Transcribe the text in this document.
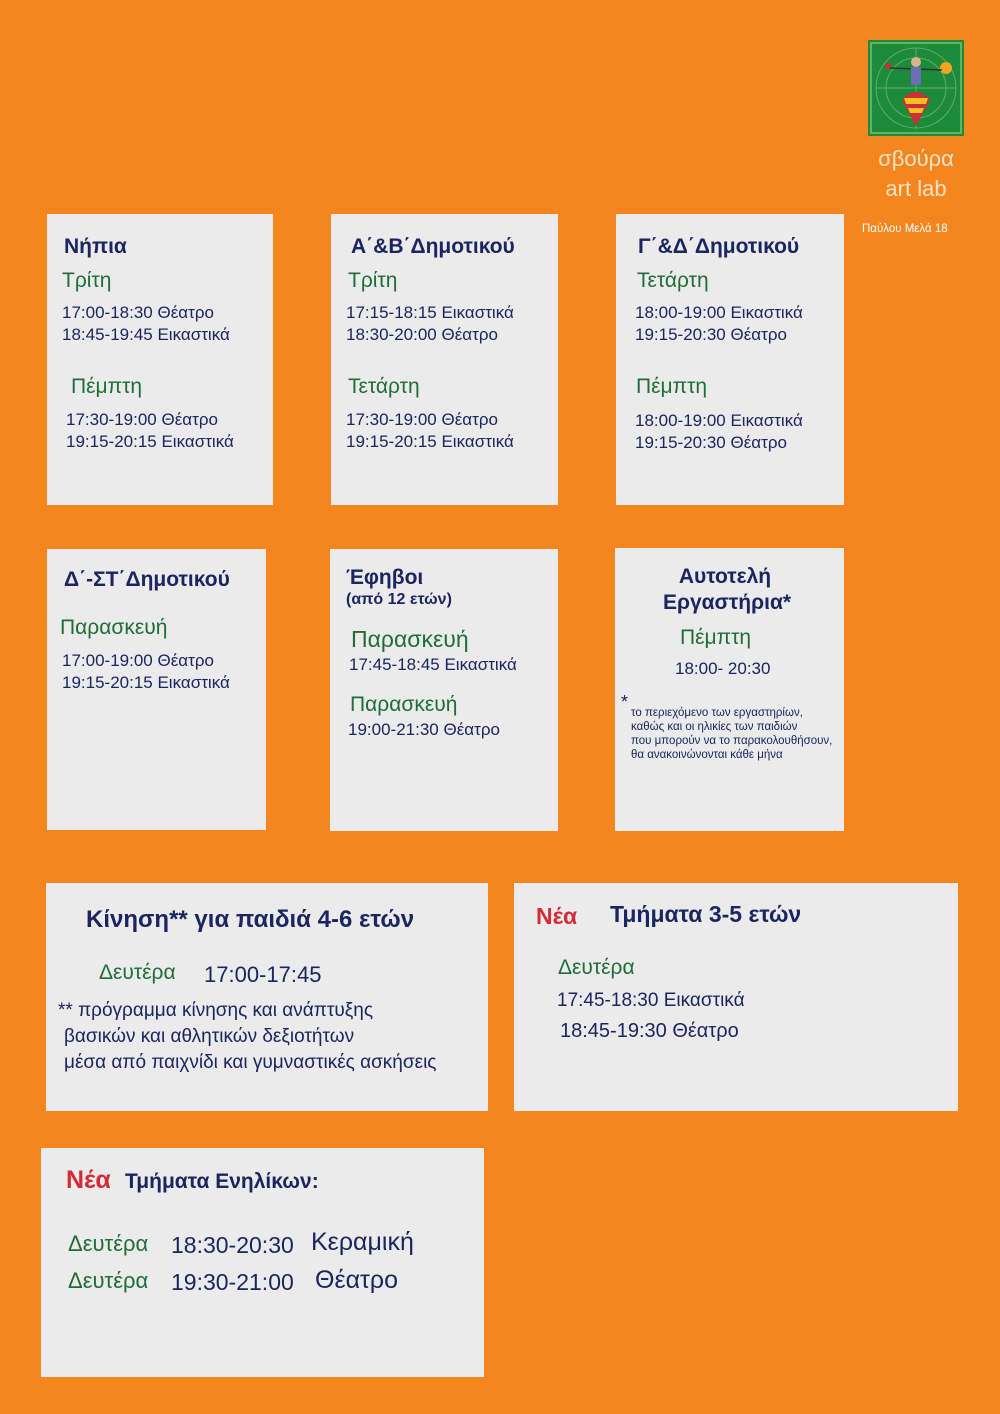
σβούρα
art lab
Παύλου Μελά 18
Νήπια
Τρίτη
17:00-18:30 Θέατρο
18:45-19:45 Εικαστικά
Πέμπτη
17:30-19:00 Θέατρο
19:15-20:15 Εικαστικά
Α΄&Β΄Δημοτικού
Τρίτη
17:15-18:15 Εικαστικά
18:30-20:00 Θέατρο
Τετάρτη
17:30-19:00 Θέατρο
19:15-20:15 Εικαστικά
Γ΄&Δ΄Δημοτικού
Τετάρτη
18:00-19:00 Εικαστικά
19:15-20:30 Θέατρο
Πέμπτη
18:00-19:00 Εικαστικά
19:15-20:30 Θέατρο
Δ΄-ΣΤ΄Δημοτικού
Παρασκευή
17:00-19:00 Θέατρο
19:15-20:15 Εικαστικά
Έφηβοι
(από 12 ετών)
Παρασκευή
17:45-18:45 Εικαστικά
Παρασκευή
19:00-21:30 Θέατρο
Αυτοτελή
Εργαστήρια*
Πέμπτη
18:00- 20:30
*
το περιεχόμενο των εργαστηρίων,
καθώς και οι ηλικίες των παιδιών
που μπορούν να το παρακολουθήσουν,
θα ανακοινώνονται κάθε μήνα
Κίνηση** για παιδιά 4-6 ετών
Δευτέρα 17:00-17:45
** πρόγραμμα κίνησης και ανάπτυξης
βασικών και αθλητικών δεξιοτήτων
μέσα από παιχνίδι και γυμναστικές ασκήσεις
Νέα Τμήματα 3-5 ετών
Δευτέρα
17:45-18:30 Εικαστικά
18:45-19:30 Θέατρο
Νέα Τμήματα Ενηλίκων:
Δευτέρα 18:30-20:30 Κεραμική
Δευτέρα 19:30-21:00 Θέατρο
